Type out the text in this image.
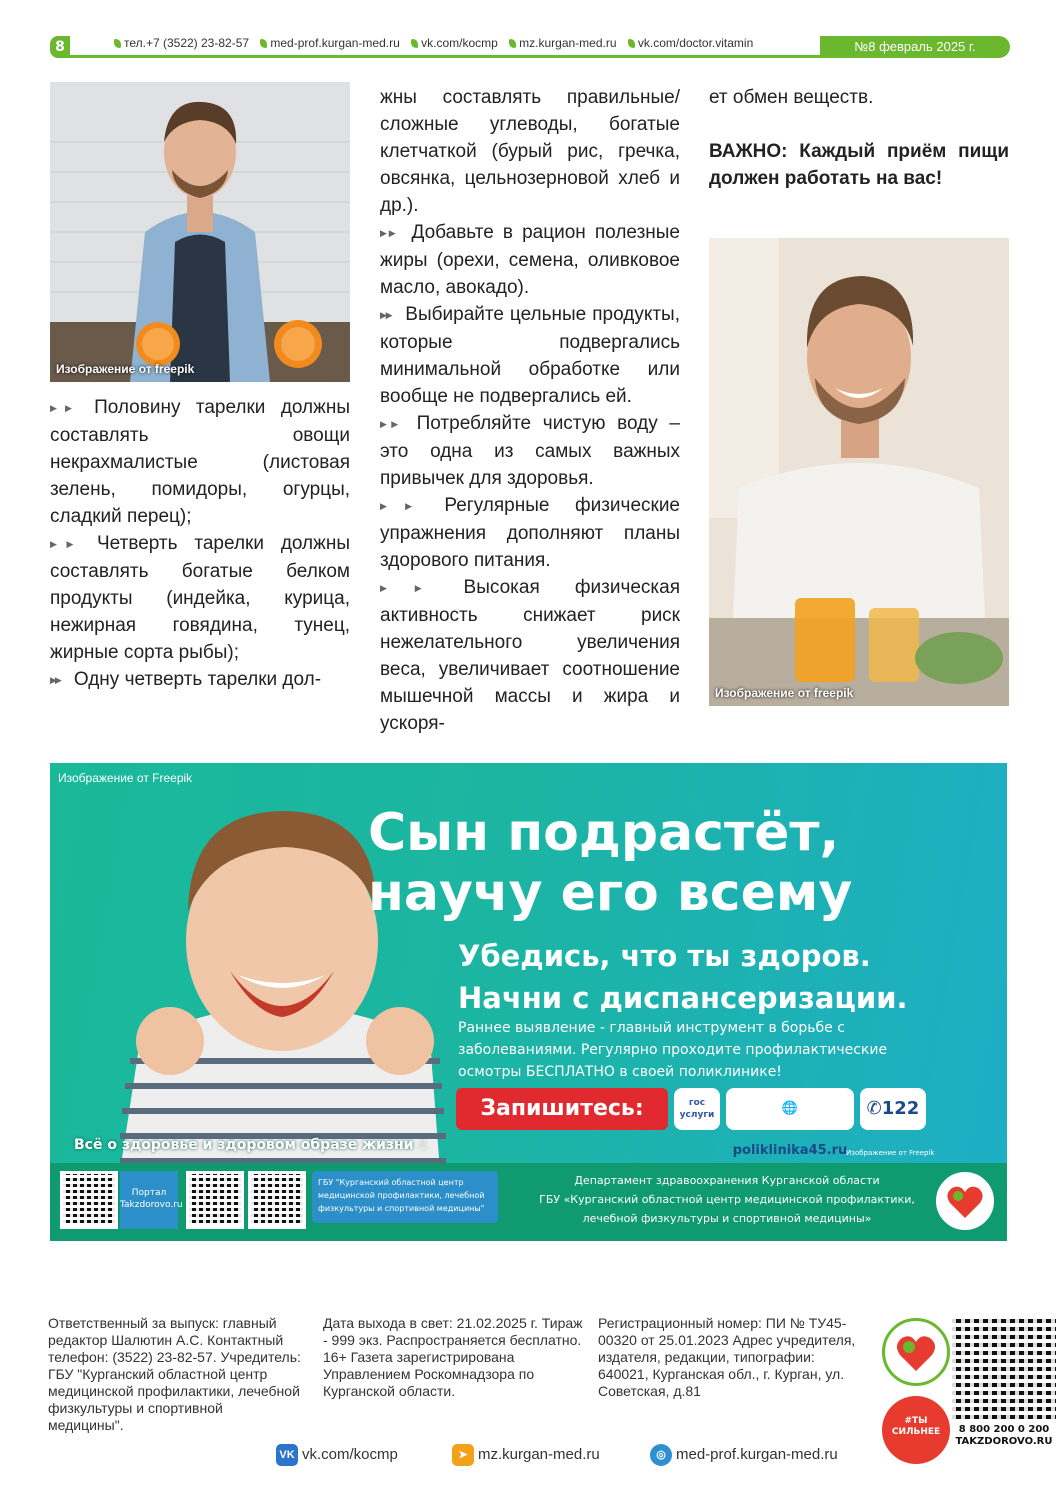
8	тел.+7 (3522) 23-82-57 med-prof.kurgan-med.ru vk.com/kocmp mz.kurgan-med.ru vk.com/doctor.vitamin	№8 февраль 2025 г.
Изображение от freepik

▶▶ Половину тарелки должны составлять овощи некрахмалистые (листовая зелень, помидоры, огурцы, сладкий перец);

▶▶ Четверть тарелки должны составлять богатые белком продукты (индейка, курица, нежирная говядина, тунец, жирные сорта рыбы);

▶▶ Одну четверть тарелки дол-

жны составлять правильные/сложные углеводы, богатые клетчаткой (бурый рис, гречка, овсянка, цельнозерновой хлеб и др.).

▶▶ Добавьте в рацион полезные жиры (орехи, семена, оливковое масло, авокадо).

▶▶ Выбирайте цельные продукты, которые подвергались минимальной обработке или вообще не подвергались ей.

▶▶ Потребляйте чистую воду – это одна из самых важных привычек для здоровья.

▶▶ Регулярные физические упражнения дополняют планы здорового питания.

▶▶ Высокая физическая активность снижает риск нежелательного увеличения веса, увеличивает соотношение мышечной массы и жира и ускоря-

ет обмен веществ.

ВАЖНО: Каждый приём пищи должен работать на вас!

Изображение от freepik
Изображение от Freepik
Сын подрастёт,
научу его всему
Убедись, что ты здоров.
Начни с диспансеризации.
Раннее выявление - главный инструмент в борьбе с заболеваниями. Регулярно проходите профилактические осмотры БЕСПЛАТНО в своей поликлинике!
Запишитесь:	гос услуги	🌐 poliklinika45.ru
✆122
Всё о здоровье и здоровом образе жизни ☝	Изображение от Freepik
Портал Takzdorovo.ru
ГБУ "Курганский областной центр медицинской профилактики, лечебной физкультуры и спортивной медицины"
Департамент здравоохранения Курганской области
ГБУ «Курганский областной центр медицинской профилактики,
лечебной физкультуры и спортивной медицины»
Ответственный за выпуск: главный редактор Шалютин А.С. Контактный телефон: (3522) 23-82-57. Учредитель: ГБУ "Курганский областной центр медицинской профилактики, лечебной физкультуры и спортивной медицины".
Дата выхода в свет: 21.02.2025 г. Тираж - 999 экз. Распространяется бесплатно. 16+ Газета зарегистрирована Управлением Роскомнадзора по Курганской области.
Регистрационный номер: ПИ № ТУ45-00320 от 25.01.2023 Адрес учредителя, издателя, редакции, типографии: 640021, Курганская обл., г. Курган, ул. Советская, д.81
VK vk.com/kocmp	➤ mz.kurgan-med.ru	◎ med-prof.kurgan-med.ru
#ТЫ СИЛЬНЕЕ	8 800 200 0 200
TAKZDOROVO.RU
